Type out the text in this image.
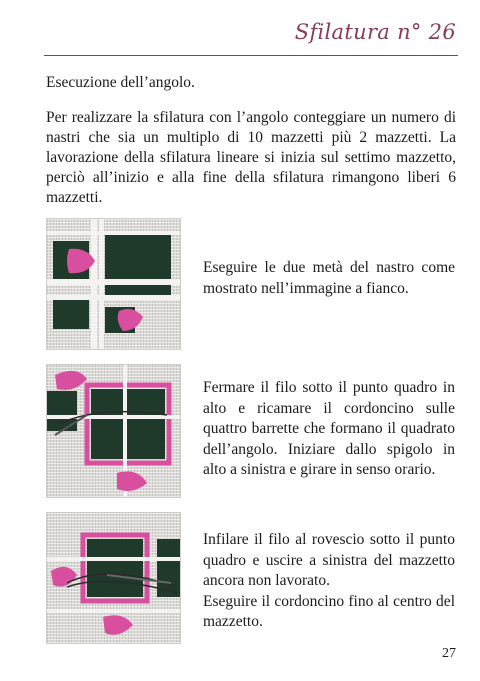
Sfilatura n° 26
Esecuzione dell’angolo.
Per realizzare la sfilatura con l’angolo conteggiare un numero di nastri che sia un multiplo di 10 mazzetti più 2 mazzetti. La lavorazione della sfilatura lineare si inizia sul settimo mazzetto, perciò all’inizio e alla fine della sfilatura rimangono liberi 6 mazzetti.
Eseguire le due metà del nastro come mostrato nell’immagine a fianco.
Fermare il filo sotto il punto quadro in alto e ricamare il cordoncino sulle quattro barrette che formano il quadrato dell’angolo. Iniziare dallo spigolo in alto a sinistra e girare in senso orario.
Infilare il filo al rovescio sotto il punto quadro e uscire a sinistra del mazzetto ancora non lavorato.
Eseguire il cordoncino fino al centro del mazzetto.
27
